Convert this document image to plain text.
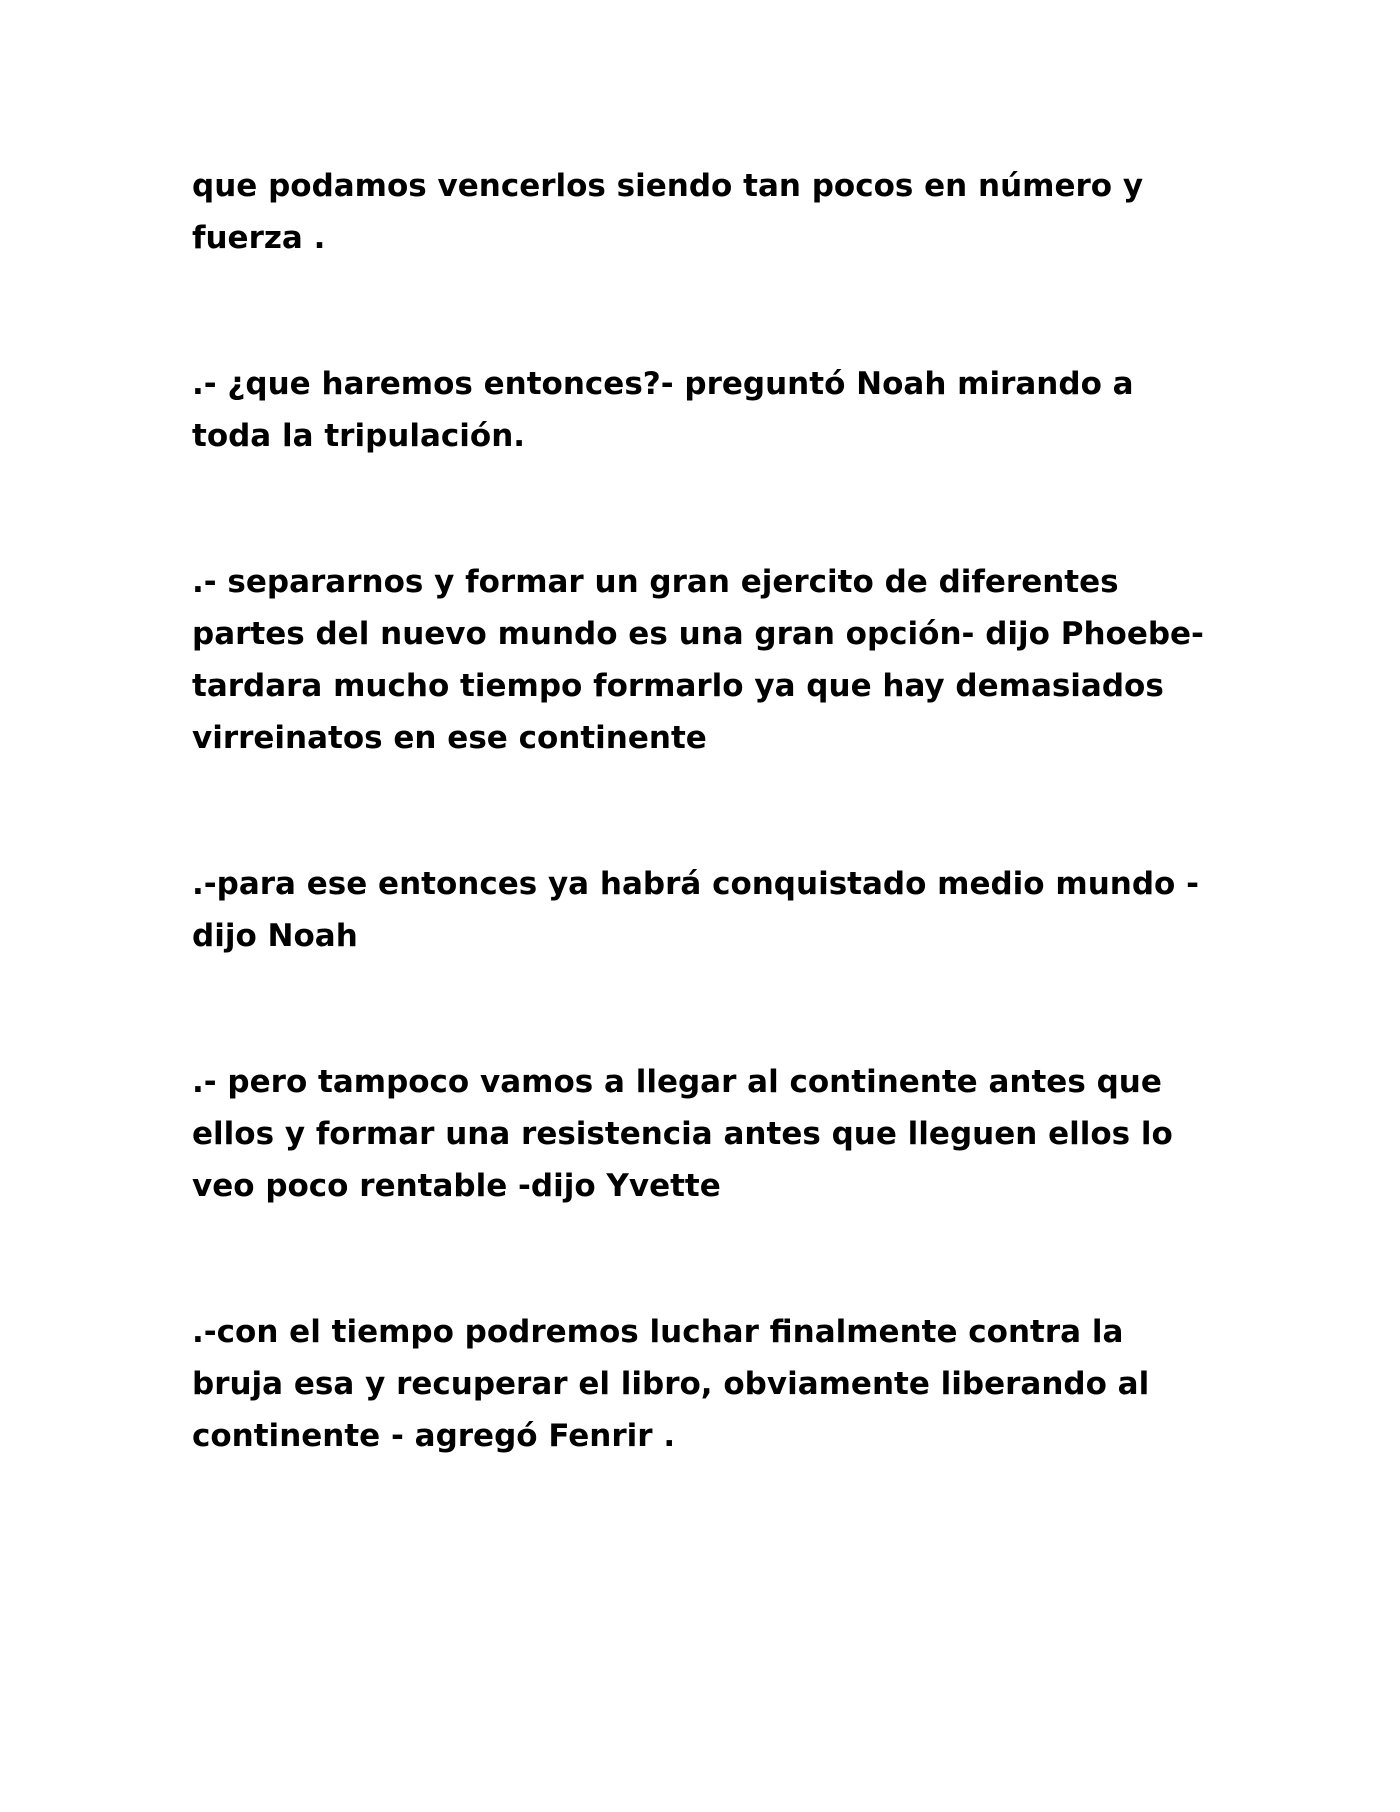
que podamos vencerlos siendo tan pocos en número y
fuerza .

.- ¿que haremos entonces?- preguntó Noah mirando a
toda la tripulación.

.- separarnos y formar un gran ejercito de diferentes
partes del nuevo mundo es una gran opción- dijo Phoebe-
tardara mucho tiempo formarlo ya que hay demasiados
virreinatos en ese continente

.-para ese entonces ya habrá conquistado medio mundo -
dijo Noah

.- pero tampoco vamos a llegar al continente antes que
ellos y formar una resistencia antes que lleguen ellos lo
veo poco rentable -dijo Yvette

.-con el tiempo podremos luchar finalmente contra la
bruja esa y recuperar el libro, obviamente liberando al
continente - agregó Fenrir .
